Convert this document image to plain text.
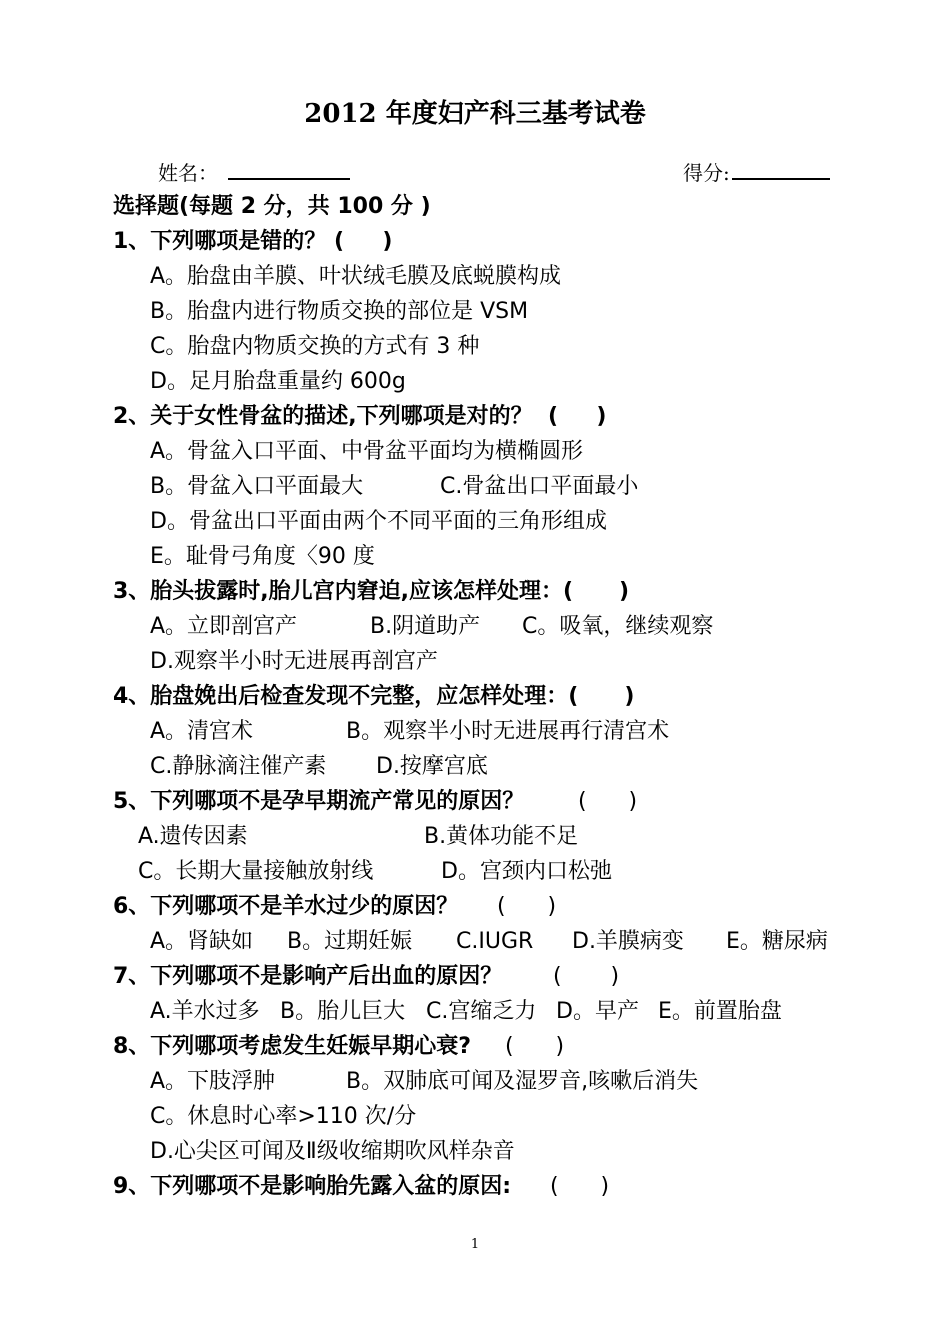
2012 年度妇产科三基考试卷
姓名：	得分:
选择题(每题 2 分，共 100 分 )
1、下列哪项是错的？ (     )
A。胎盘由羊膜、叶状绒毛膜及底蜕膜构成
B。胎盘内进行物质交换的部位是 VSM
C。胎盘内物质交换的方式有 3 种
D。足月胎盘重量约 600g
2、关于女性骨盆的描述,下列哪项是对的？  (     )
A。骨盆入口平面、中骨盆平面均为横椭圆形
B。骨盆入口平面最大	C.骨盆出口平面最小
D。骨盆出口平面由两个不同平面的三角形组成
E。耻骨弓角度〈90 度
3、胎头拔露时,胎儿宫内窘迫,应该怎样处理：(      )
A。立即剖宫产	B.阴道助产 C。吸氧，继续观察
D.观察半小时无进展再剖宫产
4、胎盘娩出后检查发现不完整，应怎样处理：(      )
A。清宫术	B。观察半小时无进展再行清宫术
C.静脉滴注催产素 D.按摩宫底
5、下列哪项不是孕早期流产常见的原因？ (      )
A.遗传因素	B.黄体功能不足
C。长期大量接触放射线	D。宫颈内口松弛
6、下列哪项不是羊水过少的原因？ (      )
A。肾缺如 B。过期妊娠 C.IUGR D.羊膜病变 E。糖尿病
7、下列哪项不是影响产后出血的原因？ (       )
A.羊水过多 B。胎儿巨大 C.宫缩乏力 D。早产 E。前置胎盘
8、下列哪项考虑发生妊娠早期心衰? (      )
A。下肢浮肿	B。双肺底可闻及湿罗音,咳嗽后消失
C。休息时心率>110 次/分
D.心尖区可闻及Ⅱ级收缩期吹风样杂音
9、下列哪项不是影响胎先露入盆的原因: (      )
1
